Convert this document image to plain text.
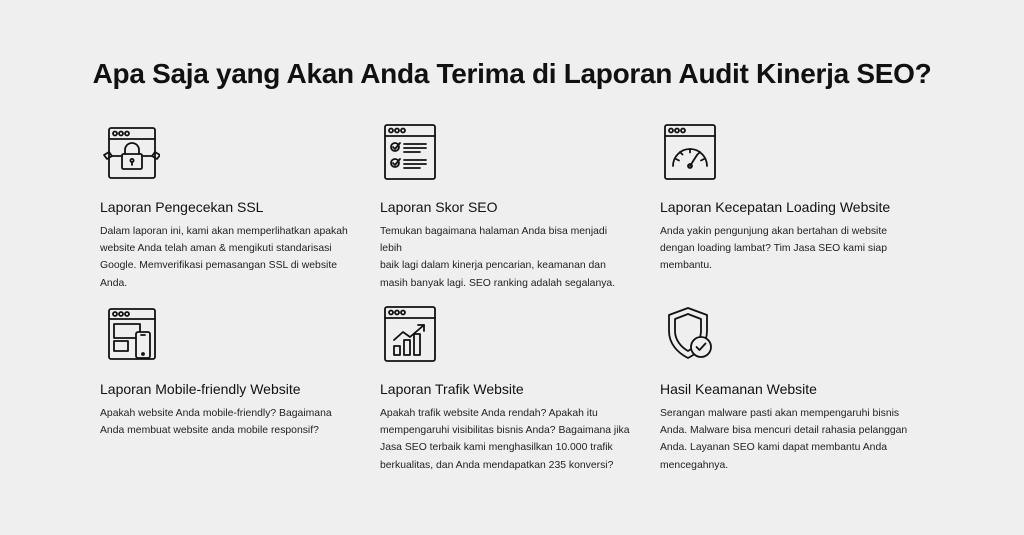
Apa Saja yang Akan Anda Terima di Laporan Audit Kinerja SEO?
Laporan Pengecekan SSL
Dalam laporan ini, kami akan memperlihatkan apakah
website Anda telah aman & mengikuti standarisasi
Google. Memverifikasi pemasangan SSL di website
Anda.
Laporan Skor SEO
Temukan bagaimana halaman Anda bisa menjadi
lebih
baik lagi dalam kinerja pencarian, keamanan dan
masih banyak lagi. SEO ranking adalah segalanya.
Laporan Kecepatan Loading Website
Anda yakin pengunjung akan bertahan di website
dengan loading lambat? Tim Jasa SEO kami siap
membantu.
Laporan Mobile-friendly Website
Apakah website Anda mobile-friendly? Bagaimana
Anda membuat website anda mobile responsif?
Laporan Trafik Website
Apakah trafik website Anda rendah? Apakah itu
mempengaruhi visibilitas bisnis Anda? Bagaimana jika
Jasa SEO terbaik kami menghasilkan 10.000 trafik
berkualitas, dan Anda mendapatkan 235 konversi?
Hasil Keamanan Website
Serangan malware pasti akan mempengaruhi bisnis
Anda. Malware bisa mencuri detail rahasia pelanggan
Anda. Layanan SEO kami dapat membantu Anda
mencegahnya.
